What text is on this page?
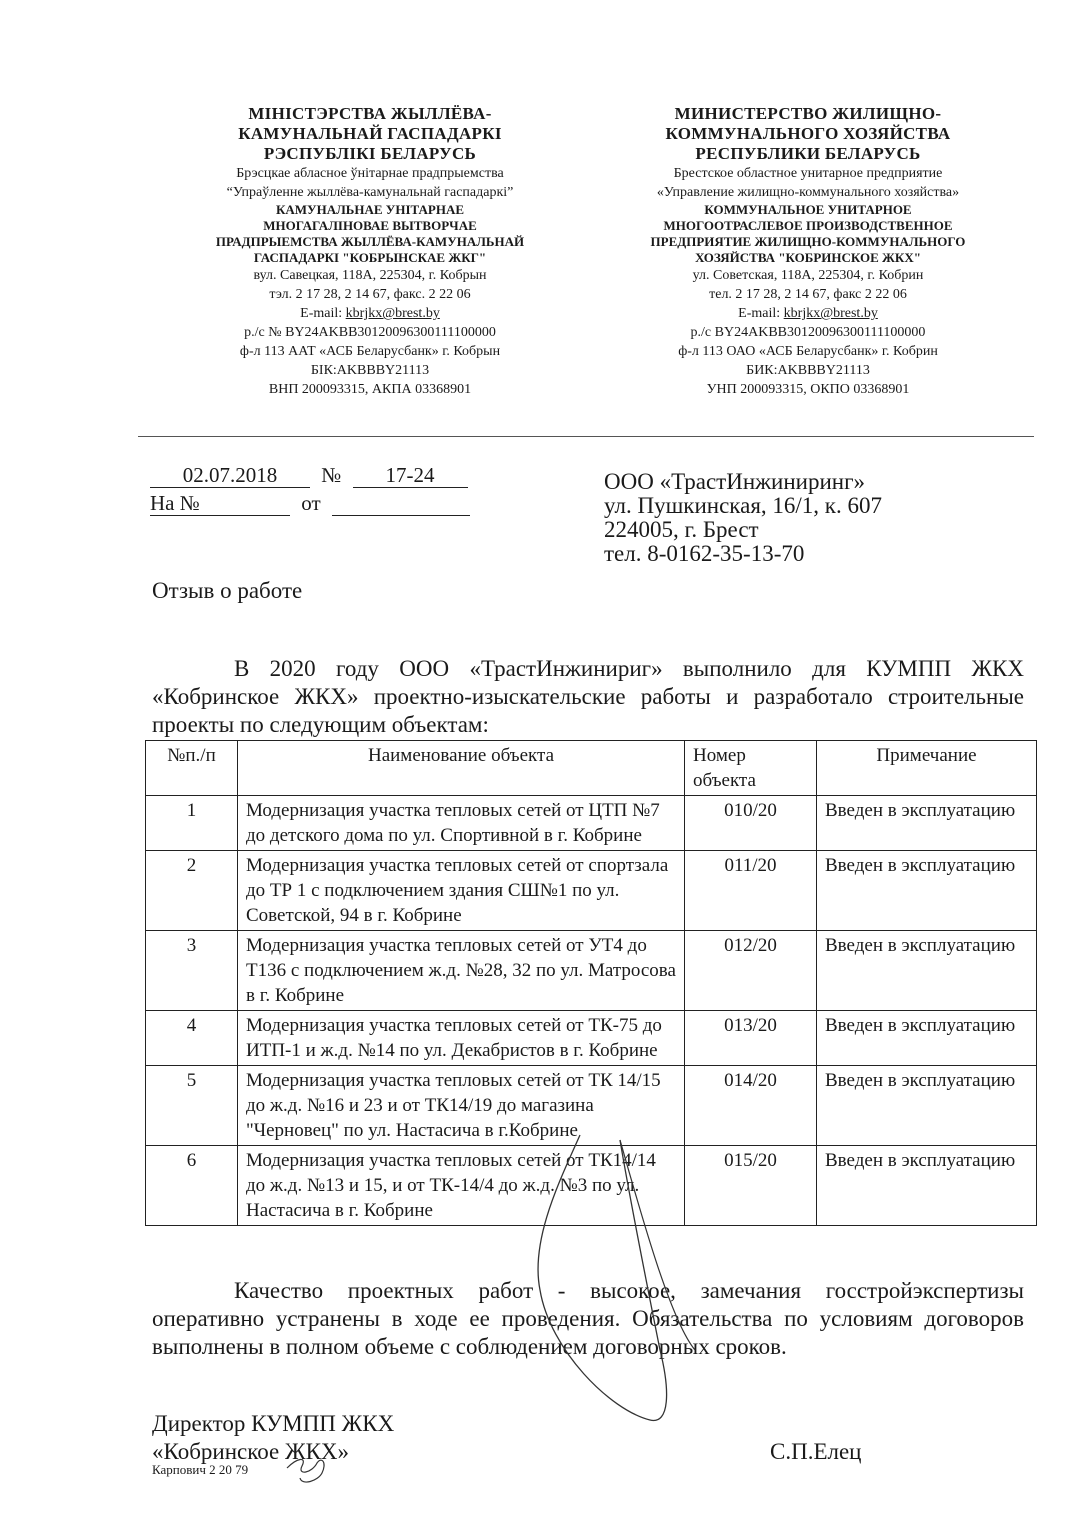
МІНІСТЭРСТВА ЖЫЛЛЁВА-
КАМУНАЛЬНАЙ ГАСПАДАРКІ
РЭСПУБЛІКІ БЕЛАРУСЬ
Брэсцкае абласное ўнітарнае прадпрыемства
“Упраўленне жыллёва-камунальнай гаспадаркі”
КАМУНАЛЬНАЕ УНІТАРНАЕ
МНОГАГАЛІНОВАЕ ВЫТВОРЧАЕ
ПРАДПРЫЕМСТВА ЖЫЛЛЁВА-КАМУНАЛЬНАЙ
ГАСПАДАРКІ "КОБРЫНСКАЕ ЖКГ"
вул. Савецкая, 118А, 225304, г. Кобрын
тэл. 2 17 28, 2 14 67, факс. 2 22 06
E-mail: kbrjkx@brest.by
р./с № BY24AKBB30120096300111100000
ф-л 113 ААТ «АСБ Беларусбанк» г. Кобрын
БІК:AKBBBY21113
ВНП 200093315, АКПА 03368901
МИНИСТЕРСТВО ЖИЛИЩНО-
КОММУНАЛЬНОГО ХОЗЯЙСТВА
РЕСПУБЛИКИ БЕЛАРУСЬ
Брестское областное унитарное предприятие
«Управление жилищно-коммунального хозяйства»
КОММУНАЛЬНОЕ УНИТАРНОЕ
МНОГООТРАСЛЕВОЕ ПРОИЗВОДСТВЕННОЕ
ПРЕДПРИЯТИЕ ЖИЛИЩНО-КОММУНАЛЬНОГО
ХОЗЯЙСТВА "КОБРИНСКОЕ ЖКХ"
ул. Советская, 118А, 225304, г. Кобрин
тел. 2 17 28, 2 14 67, факс 2 22 06
E-mail: kbrjkx@brest.by
р./с BY24AKBB30120096300111100000
ф-л 113 ОАО «АСБ Беларусбанк» г. Кобрин
БИК:AKBBBY21113
УНП 200093315, ОКПО 03368901
02.07.2018 № 17-24
На №	от
ООО «ТрастИнжиниринг»
ул. Пушкинская, 16/1, к. 607
224005, г. Брест
тел. 8-0162-35-13-70
Отзыв о работе
В 2020 году ООО «ТрастИнжинириг» выполнило для КУМПП ЖКХ «Кобринское ЖКХ» проектно-изыскательские работы и разработало строительные проекты по следующим объектам:
№п./п	Наименование объекта	Номер объекта	Примечание
1	Модернизация участка тепловых сетей от ЦТП №7 до детского дома по ул. Спортивной в г. Кобрине	010/20	Введен в эксплуатацию
2	Модернизация участка тепловых сетей от спортзала до ТР 1 с подключением здания СШ№1 по ул. Советской, 94 в г. Кобрине	011/20	Введен в эксплуатацию
3	Модернизация участка тепловых сетей от УТ4 до Т136 с подключением ж.д. №28, 32 по ул. Матросова в г. Кобрине	012/20	Введен в эксплуатацию
4	Модернизация участка тепловых сетей от ТК-75 до ИТП-1 и ж.д. №14 по ул. Декабристов в г. Кобрине	013/20	Введен в эксплуатацию
5	Модернизация участка тепловых сетей от ТК 14/15 до ж.д. №16 и 23 и от ТК14/19 до магазина "Черновец" по ул. Настасича в г.Кобрине	014/20	Введен в эксплуатацию
6	Модернизация участка тепловых сетей от ТК14/14 до ж.д. №13 и 15, и от ТК-14/4 до ж.д. №3 по ул. Настасича в г. Кобрине	015/20	Введен в эксплуатацию
Качество проектных работ - высокое, замечания госстройэкспертизы оперативно устранены в ходе ее проведения. Обязательства по условиям договоров выполнены в полном объеме с соблюдением договорных сроков.
Директор КУМПП ЖКХ
«Кобринское ЖКХ»	С.П.Елец
Карпович 2 20 79
